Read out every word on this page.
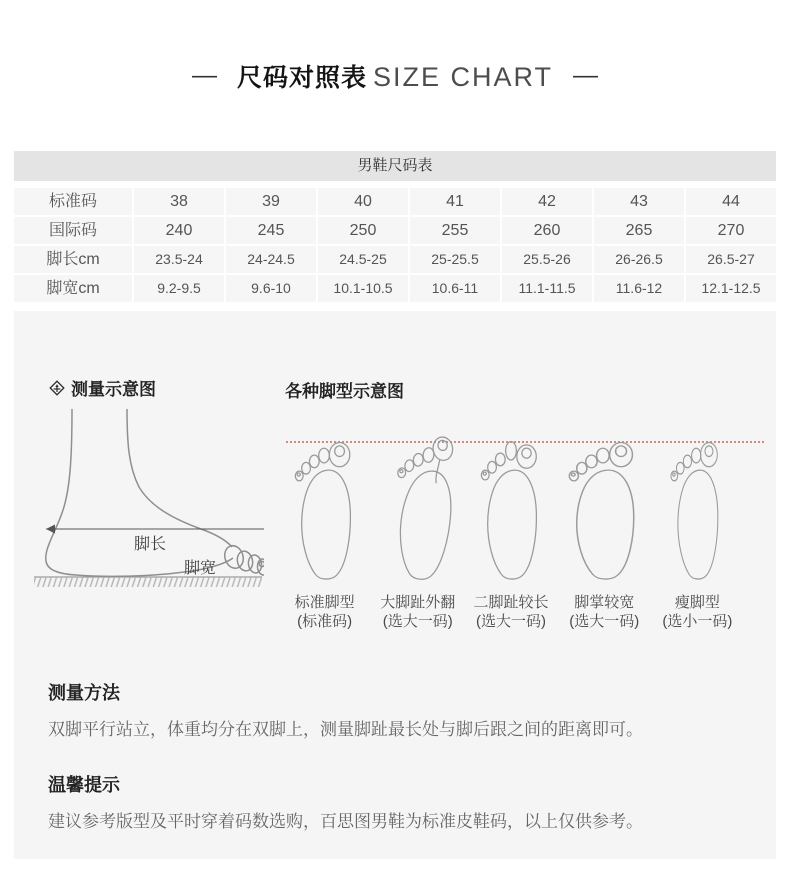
— 尺码对照表 SIZE CHART —
男鞋尺码表
标准码	38	39	40	41	42	43	44
国际码	240	245	250	255	260	265	270
脚长cm	23.5-24	24-24.5	24.5-25	25-25.5	25.5-26	26-26.5	26.5-27
脚宽cm	9.2-9.5	9.6-10	10.1-10.5	10.6-11	11.1-11.5	11.6-12	12.1-12.5
测量示意图	各种脚型示意图
脚长
脚宽
标准脚型
(标准码)
大脚趾外翻
(选大一码)
二脚趾较长
(选大一码)
脚掌较宽
(选大一码)
瘦脚型
(选小一码)
测量方法
双脚平行站立，体重均分在双脚上，测量脚趾最长处与脚后跟之间的距离即可。
温馨提示
建议参考版型及平时穿着码数选购，百思图男鞋为标准皮鞋码，以上仅供参考。
